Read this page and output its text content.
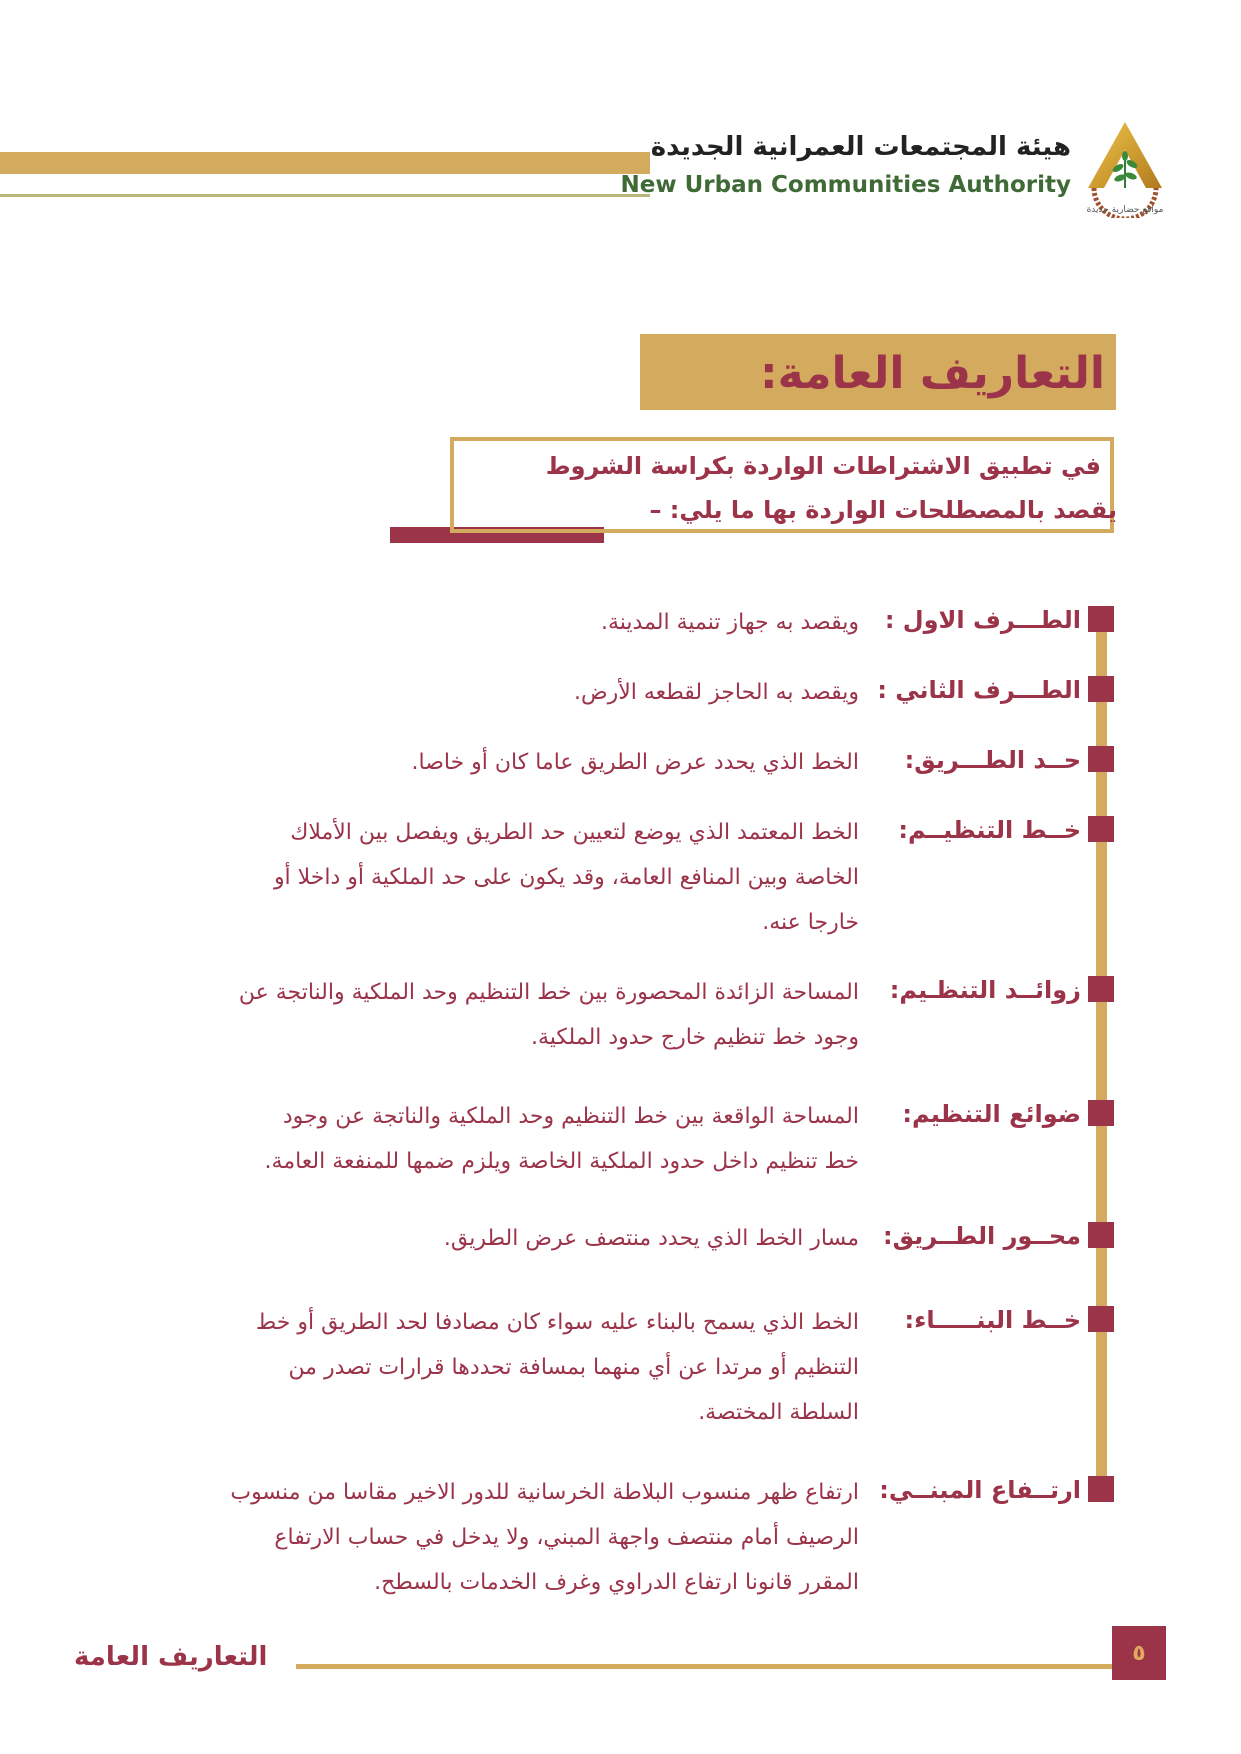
هيئة المجتمعات العمرانية الجديدة
New Urban Communities Authority
مواقع حضارية جديدة
التعاريف العامة:
في تطبيق الاشتراطات الواردة بكراسة الشروط
يقصد بالمصطلحات الواردة بها ما يلي: –
الطـــرف الاول :
ويقصد به جهاز تنمية المدينة.
الطـــرف الثاني :
ويقصد به الحاجز لقطعه الأرض.
حــد الطـــريق:
الخط الذي يحدد عرض الطريق عاما كان أو خاصا.
خــط التنظيــم:
الخط المعتمد الذي يوضع لتعيين حد الطريق ويفصل بين الأملاك
الخاصة وبين المنافع العامة، وقد يكون على حد الملكية أو داخلا أو
خارجا عنه.
زوائــد التنظـيم:
المساحة الزائدة المحصورة بين خط التنظيم وحد الملكية والناتجة عن
وجود خط تنظيم خارج حدود الملكية.
ضوائع التنظيم:
المساحة الواقعة بين خط التنظيم وحد الملكية والناتجة عن وجود
خط تنظيم داخل حدود الملكية الخاصة ويلزم ضمها للمنفعة العامة.
محــور الطــريق:
مسار الخط الذي يحدد منتصف عرض الطريق.
خــط البنـــــاء:
الخط الذي يسمح بالبناء عليه سواء كان مصادفا لحد الطريق أو خط
التنظيم أو مرتدا عن أي منهما بمسافة تحددها قرارات تصدر من
السلطة المختصة.
ارتــفاع المبنــي:
ارتفاع ظهر منسوب البلاطة الخرسانية للدور الاخير مقاسا من منسوب
الرصيف أمام منتصف واجهة المبني، ولا يدخل في حساب الارتفاع
المقرر قانونا ارتفاع الدراوي وغرف الخدمات بالسطح.
التعاريف العامة	٥
